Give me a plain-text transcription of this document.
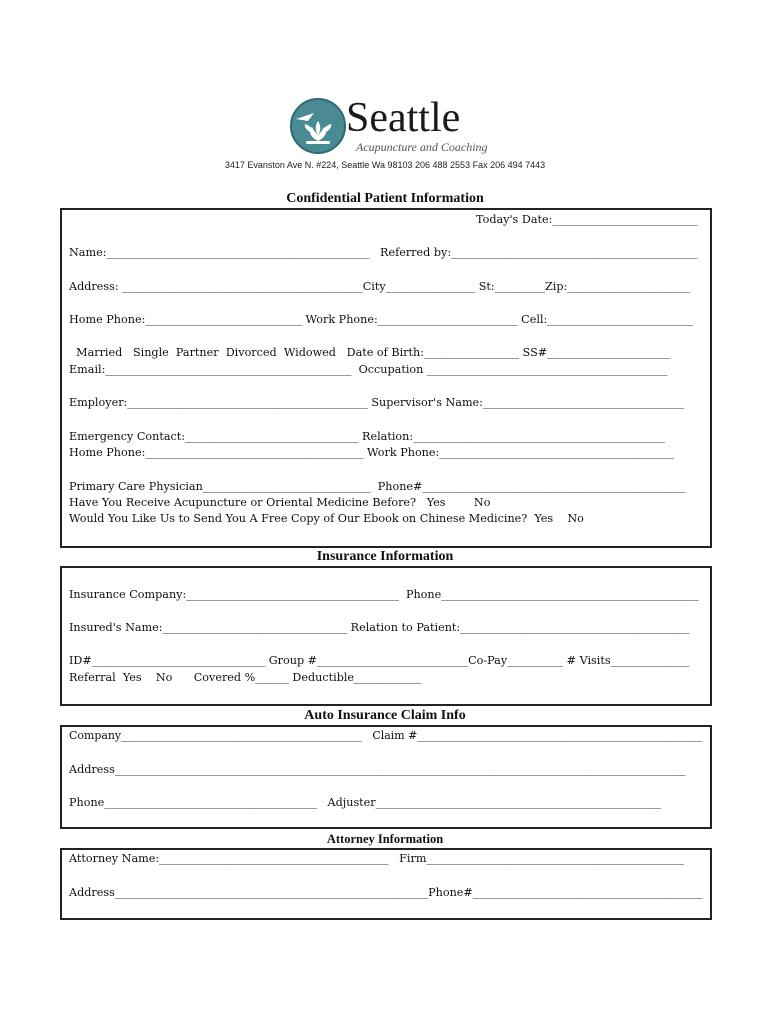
Seattle
Acupuncture and Coaching
3417 Evanston Ave N. #224, Seattle Wa 98103 206 488 2553 Fax 206 494 7443
Confidential Patient Information
Today's Date:__________________________
Name:_______________________________________________   Referred by:____________________________________________
Address: ___________________________________________City________________ St:_________Zip:______________________
Home Phone:____________________________ Work Phone:_________________________ Cell:__________________________
Married   Single  Partner  Divorced  Widowed   Date of Birth:_________________ SS#______________________
Email:____________________________________________  Occupation ___________________________________________
Employer:___________________________________________ Supervisor's Name:____________________________________
Emergency Contact:_______________________________ Relation:_____________________________________________
Home Phone:_______________________________________ Work Phone:__________________________________________
Primary Care Physician______________________________  Phone#_______________________________________________
Have You Receive Acupuncture or Oriental Medicine Before?   Yes        No
Would You Like Us to Send You A Free Copy of Our Ebook on Chinese Medicine?  Yes    No
Insurance Information
Insurance Company:______________________________________  Phone______________________________________________
Insured's Name:_________________________________ Relation to Patient:_________________________________________
ID#_______________________________ Group #___________________________Co-Pay__________ # Visits______________
Referral  Yes    No      Covered %______ Deductible____________
Auto Insurance Claim Info
Company____________________________________________   Claim #____________________________________________________
Address______________________________________________________________________________________________________
Phone______________________________________   Adjuster___________________________________________________
Attorney Information
Attorney Name:_________________________________________   Firm______________________________________________
Address________________________________________________________Phone#_________________________________________
